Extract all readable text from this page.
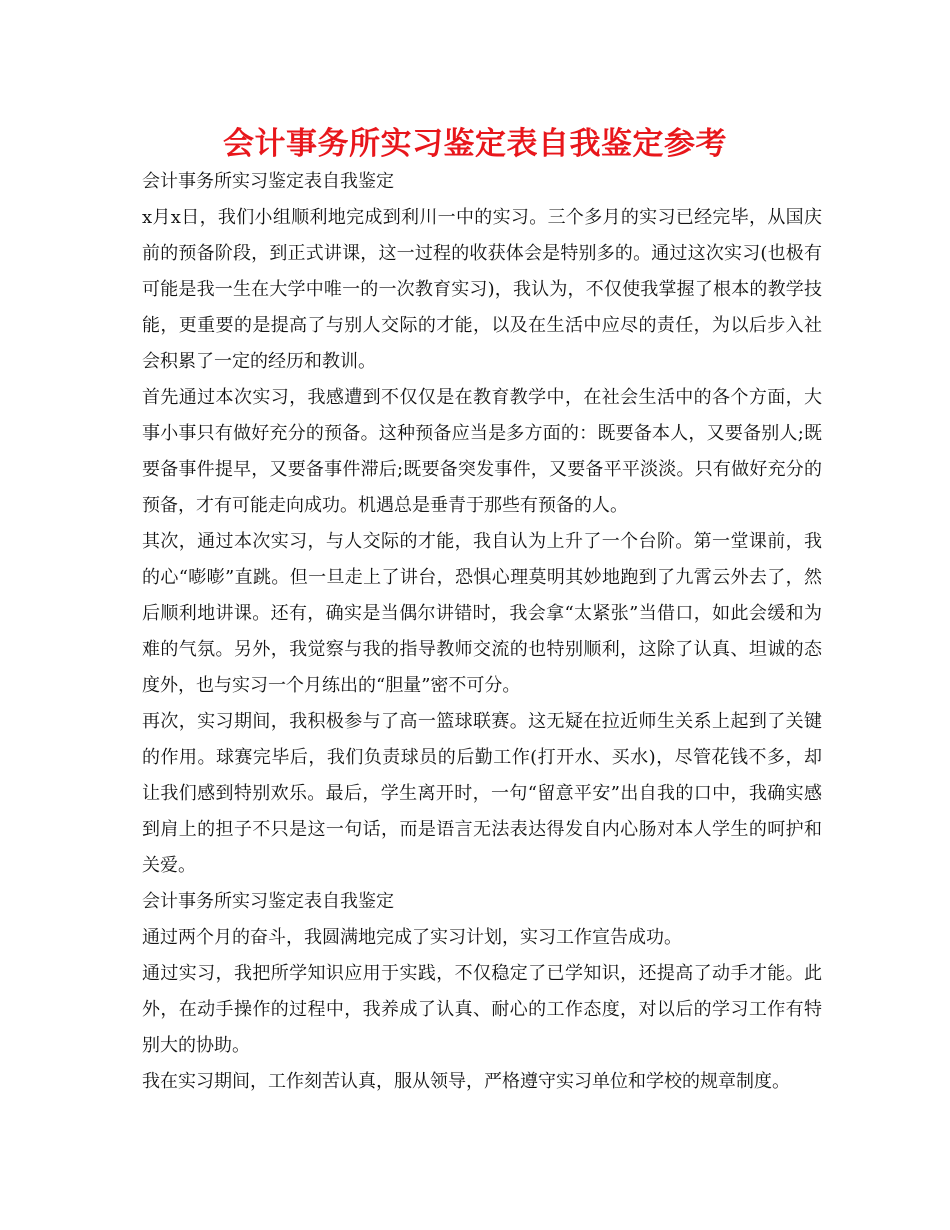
会计事务所实习鉴定表自我鉴定参考

会计事务所实习鉴定表自我鉴定

x月x日，我们小组顺利地完成到利川一中的实习。三个多月的实习已经完毕，从国庆前的预备阶段，到正式讲课，这一过程的收获体会是特别多的。通过这次实习(也极有可能是我一生在大学中唯一的一次教育实习)，我认为，不仅使我掌握了根本的教学技能，更重要的是提高了与别人交际的才能，以及在生活中应尽的责任，为以后步入社会积累了一定的经历和教训。

首先通过本次实习，我感遭到不仅仅是在教育教学中，在社会生活中的各个方面，大事小事只有做好充分的预备。这种预备应当是多方面的：既要备本人，又要备别人;既要备事件提早，又要备事件滞后;既要备突发事件，又要备平平淡淡。只有做好充分的预备，才有可能走向成功。机遇总是垂青于那些有预备的人。

其次，通过本次实习，与人交际的才能，我自认为上升了一个台阶。第一堂课前，我的心“嘭嘭”直跳。但一旦走上了讲台，恐惧心理莫明其妙地跑到了九霄云外去了，然后顺利地讲课。还有，确实是当偶尔讲错时，我会拿“太紧张”当借口，如此会缓和为难的气氛。另外，我觉察与我的指导教师交流的也特别顺利，这除了认真、坦诚的态度外，也与实习一个月练出的“胆量”密不可分。

再次，实习期间，我积极参与了高一篮球联赛。这无疑在拉近师生关系上起到了关键的作用。球赛完毕后，我们负责球员的后勤工作(打开水、买水)，尽管花钱不多，却让我们感到特别欢乐。最后，学生离开时，一句“留意平安”出自我的口中，我确实感到肩上的担子不只是这一句话，而是语言无法表达得发自内心肠对本人学生的呵护和关爱。

会计事务所实习鉴定表自我鉴定

通过两个月的奋斗，我圆满地完成了实习计划，实习工作宣告成功。

通过实习，我把所学知识应用于实践，不仅稳定了已学知识，还提高了动手才能。此外，在动手操作的过程中，我养成了认真、耐心的工作态度，对以后的学习工作有特别大的协助。

我在实习期间，工作刻苦认真，服从领导，严格遵守实习单位和学校的规章制度。
